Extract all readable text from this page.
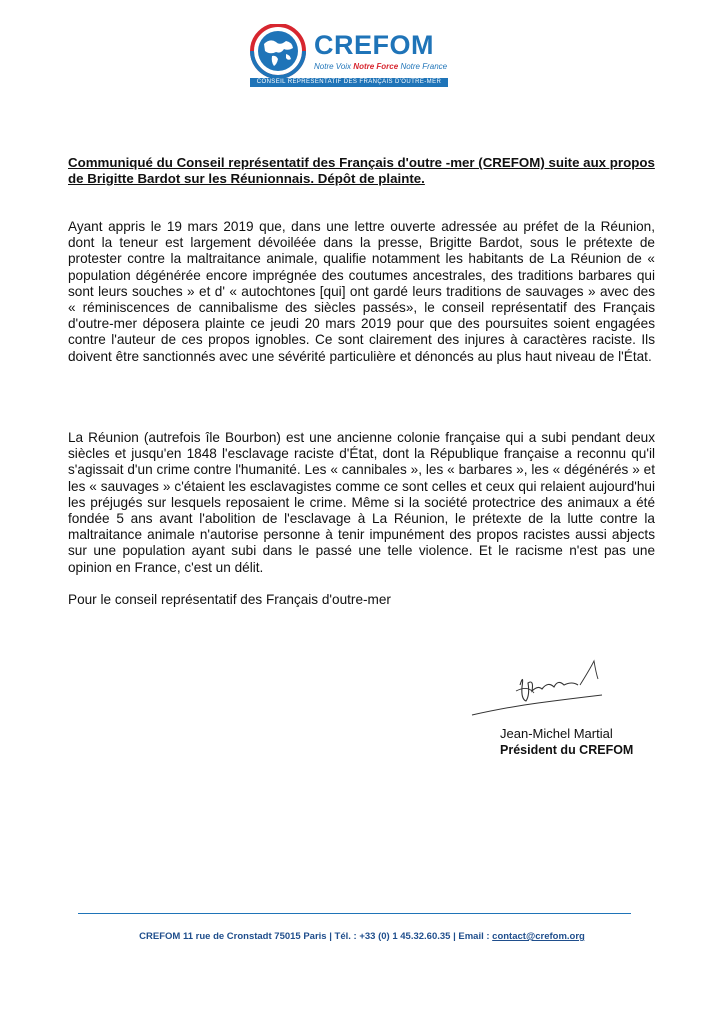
CREFOM
Notre Voix Notre Force Notre France
CONSEIL REPRÉSENTATIF DES FRANÇAIS D'OUTRE-MER
Communiqué du Conseil représentatif des Français d'outre -mer (CREFOM) suite aux propos de Brigitte Bardot sur les Réunionnais. Dépôt de plainte.

Ayant appris le 19 mars 2019 que, dans une lettre ouverte adressée au préfet de la Réunion, dont la teneur est largement dévoiléée dans la presse, Brigitte Bardot, sous le prétexte de protester contre la maltraitance animale, qualifie notamment les habitants de La Réunion de « population dégénérée encore imprégnée des coutumes ancestrales, des traditions barbares qui sont leurs souches » et d' « autochtones [qui] ont gardé leurs traditions de sauvages » avec des « réminiscences de cannibalisme des siècles passés», le conseil représentatif des Français d'outre-mer déposera plainte ce jeudi 20 mars 2019 pour que des poursuites soient engagées contre l'auteur de ces propos ignobles. Ce sont clairement des injures à caractères raciste. Ils doivent être sanctionnés avec une sévérité particulière et dénoncés au plus haut niveau de l'État.

La Réunion (autrefois île Bourbon) est une ancienne colonie française qui a subi pendant deux siècles et jusqu'en 1848 l'esclavage raciste d'État, dont la République française a reconnu qu'il s'agissait d'un crime contre l'humanité. Les « cannibales », les « barbares », les « dégénérés » et les « sauvages » c'étaient les esclavagistes comme ce sont celles et ceux qui relaient aujourd'hui les préjugés sur lesquels reposaient le crime. Même si la société protectrice des animaux a été fondée 5 ans avant l'abolition de l'esclavage à La Réunion, le prétexte de la lutte contre la maltraitance animale n'autorise personne à tenir impunément des propos racistes aussi abjects sur une population ayant subi dans le passé une telle violence. Et le racisme n'est pas une opinion en France, c'est un délit.

Pour le conseil représentatif des Français d'outre-mer
Jean-Michel Martial
Président du CREFOM
CREFOM 11 rue de Cronstadt 75015 Paris | Tél. : +33 (0) 1 45.32.60.35 | Email : contact@crefom.org
